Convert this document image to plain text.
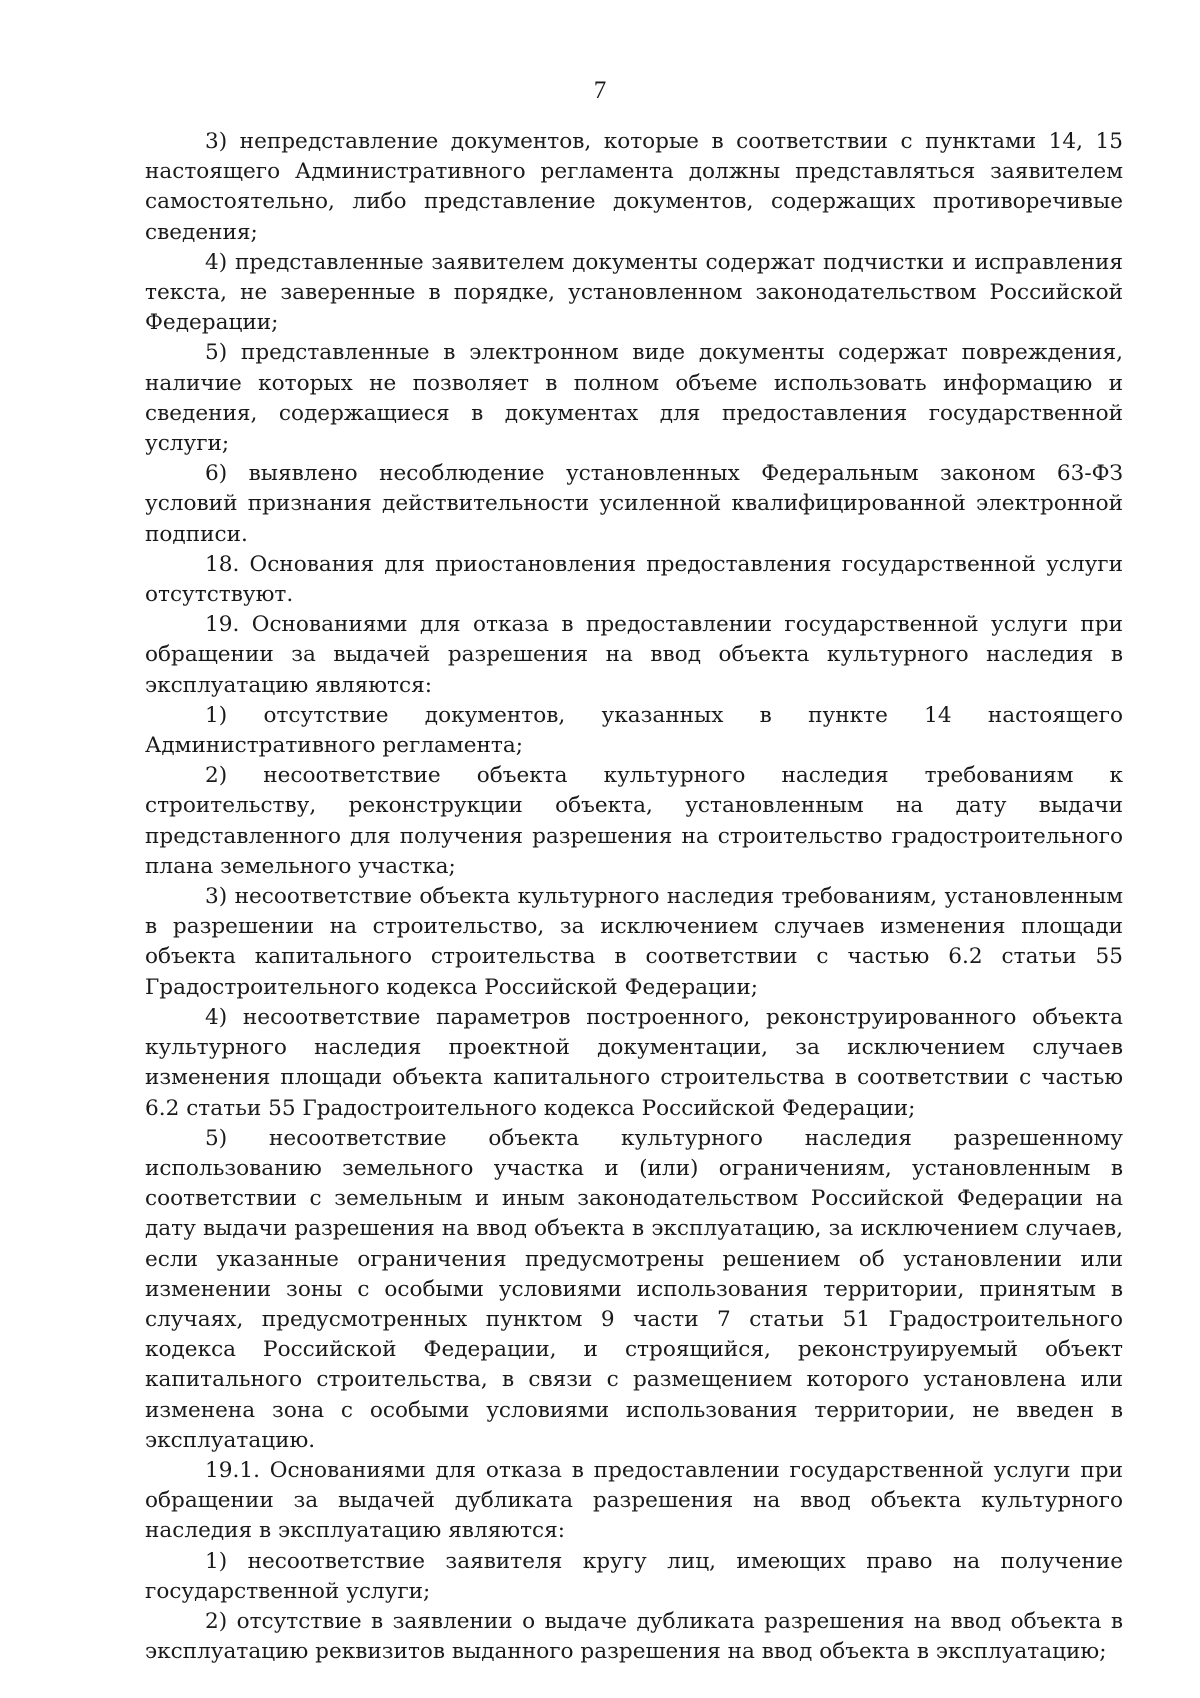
7

3) непредставление документов, которые в соответствии с пунктами 14, 15 настоящего Административного регламента должны представляться заявителем самостоятельно, либо представление документов, содержащих противоречивые сведения;

4) представленные заявителем документы содержат подчистки и исправления текста, не заверенные в порядке, установленном законодательством Российской Федерации;

5) представленные в электронном виде документы содержат повреждения, наличие которых не позволяет в полном объеме использовать информацию и сведения, содержащиеся в документах для предоставления государственной услуги;

6) выявлено несоблюдение установленных Федеральным законом 63-ФЗ условий признания действительности усиленной квалифицированной электронной подписи.

18. Основания для приостановления предоставления государственной услуги отсутствуют.

19. Основаниями для отказа в предоставлении государственной услуги при обращении за выдачей разрешения на ввод объекта культурного наследия в эксплуатацию являются:

1) отсутствие документов, указанных в пункте 14 настоящего Административного регламента;

2) несоответствие объекта культурного наследия требованиям к строительству, реконструкции объекта, установленным на дату выдачи представленного для получения разрешения на строительство градостроительного плана земельного участка;

3) несоответствие объекта культурного наследия требованиям, установленным в разрешении на строительство, за исключением случаев изменения площади объекта капитального строительства в соответствии с частью 6.2 статьи 55 Градостроительного кодекса Российской Федерации;

4) несоответствие параметров построенного, реконструированного объекта культурного наследия проектной документации, за исключением случаев изменения площади объекта капитального строительства в соответствии с частью 6.2 статьи 55 Градостроительного кодекса Российской Федерации;

5) несоответствие объекта культурного наследия разрешенному использованию земельного участка и (или) ограничениям, установленным в соответствии с земельным и иным законодательством Российской Федерации на дату выдачи разрешения на ввод объекта в эксплуатацию, за исключением случаев, если указанные ограничения предусмотрены решением об установлении или изменении зоны с особыми условиями использования территории, принятым в случаях, предусмотренных пунктом 9 части 7 статьи 51 Градостроительного кодекса Российской Федерации, и строящийся, реконструируемый объект капитального строительства, в связи с размещением которого установлена или изменена зона с особыми условиями использования территории, не введен в эксплуатацию.

19.1. Основаниями для отказа в предоставлении государственной услуги при обращении за выдачей дубликата разрешения на ввод объекта культурного наследия в эксплуатацию являются:

1) несоответствие заявителя кругу лиц, имеющих право на получение государственной услуги;

2) отсутствие в заявлении о выдаче дубликата разрешения на ввод объекта в эксплуатацию реквизитов выданного разрешения на ввод объекта в эксплуатацию;
